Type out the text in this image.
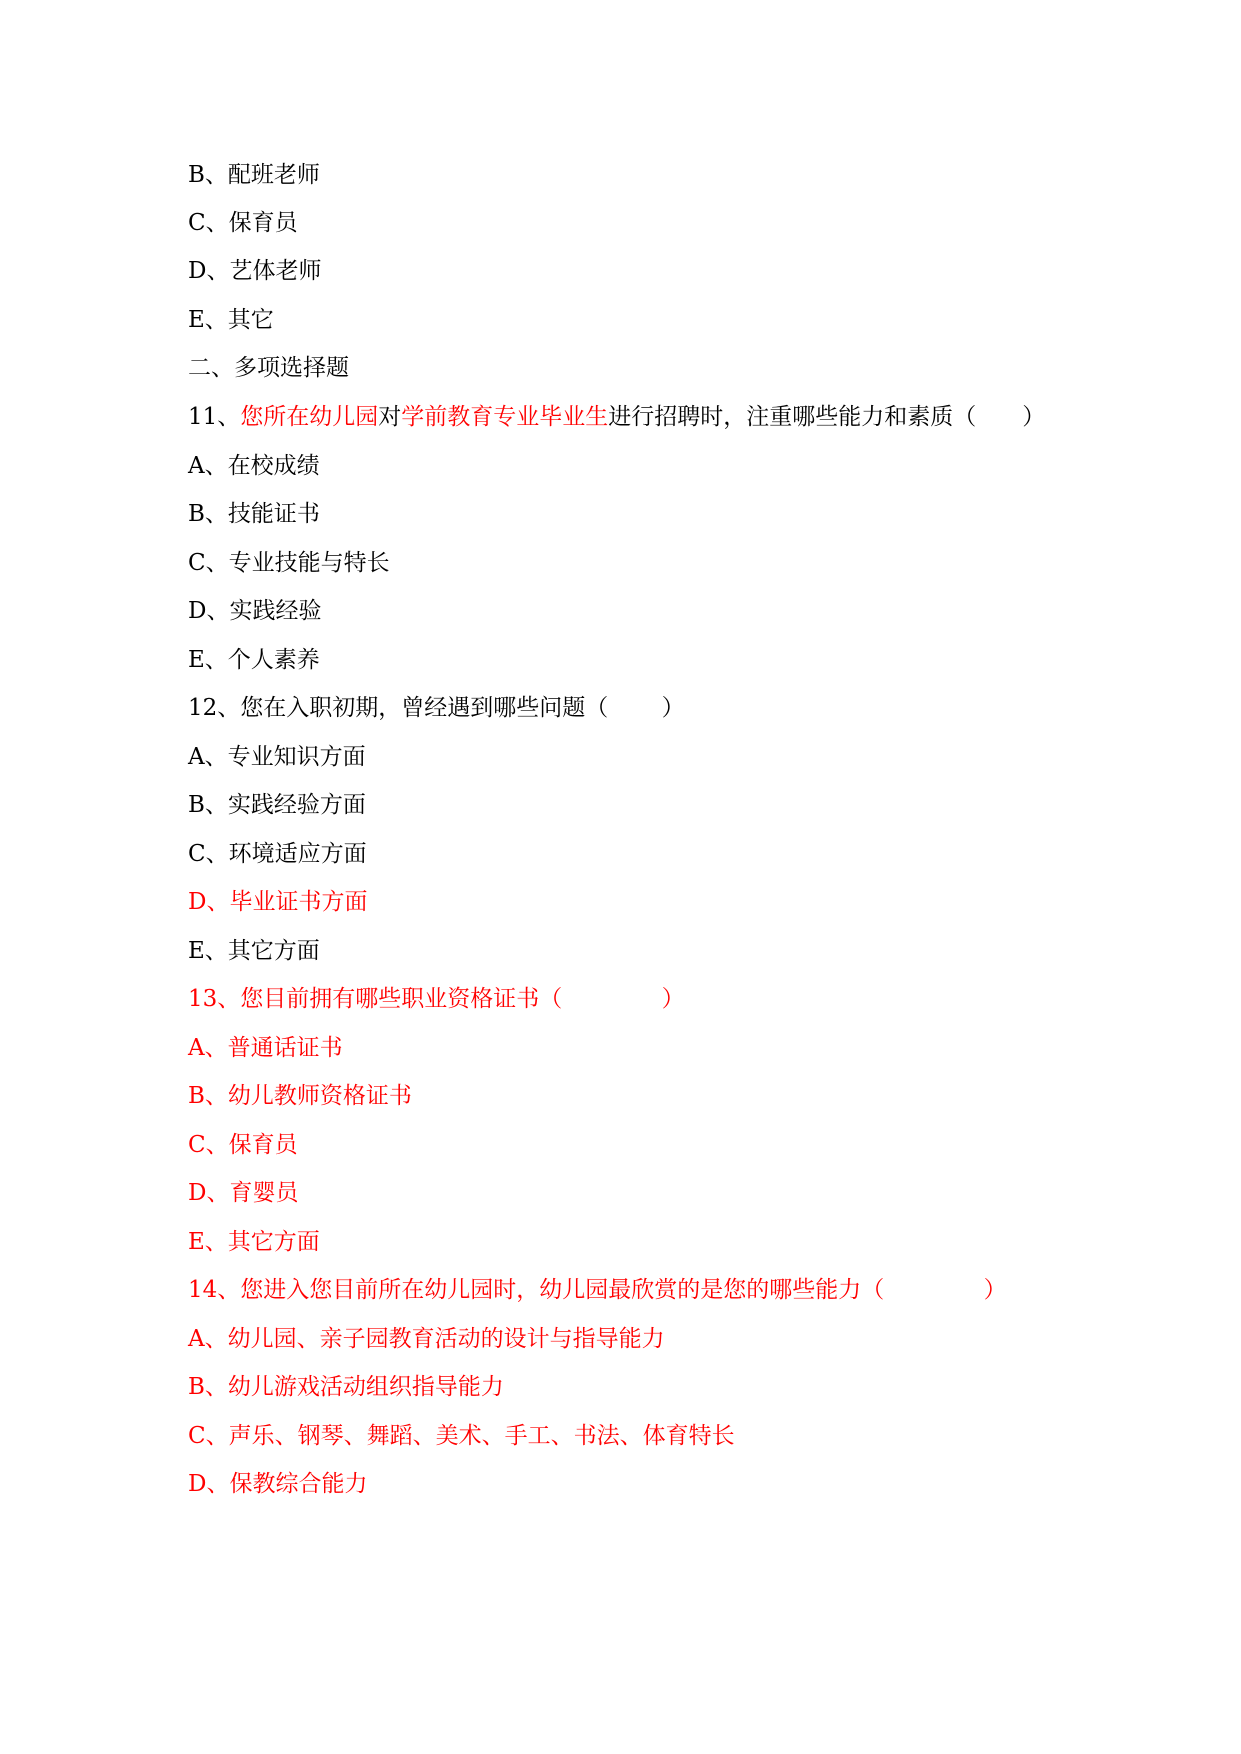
B、配班老师
C、保育员
D、艺体老师
E、其它
二、多项选择题
11、您所在幼儿园对学前教育专业毕业生进行招聘时，注重哪些能力和素质（　　）
A、在校成绩
B、技能证书
C、专业技能与特长
D、实践经验
E、个人素养
12、您在入职初期，曾经遇到哪些问题（　　 ）
A、专业知识方面
B、实践经验方面
C、环境适应方面
D、毕业证书方面
E、其它方面
13、您目前拥有哪些职业资格证书（　　　　 ）
A、普通话证书
B、幼儿教师资格证书
C、保育员
D、育婴员
E、其它方面
14、您进入您目前所在幼儿园时，幼儿园最欣赏的是您的哪些能力（　　　　 ）
A、幼儿园、亲子园教育活动的设计与指导能力
B、幼儿游戏活动组织指导能力
C、声乐、钢琴、舞蹈、美术、手工、书法、体育特长
D、保教综合能力
